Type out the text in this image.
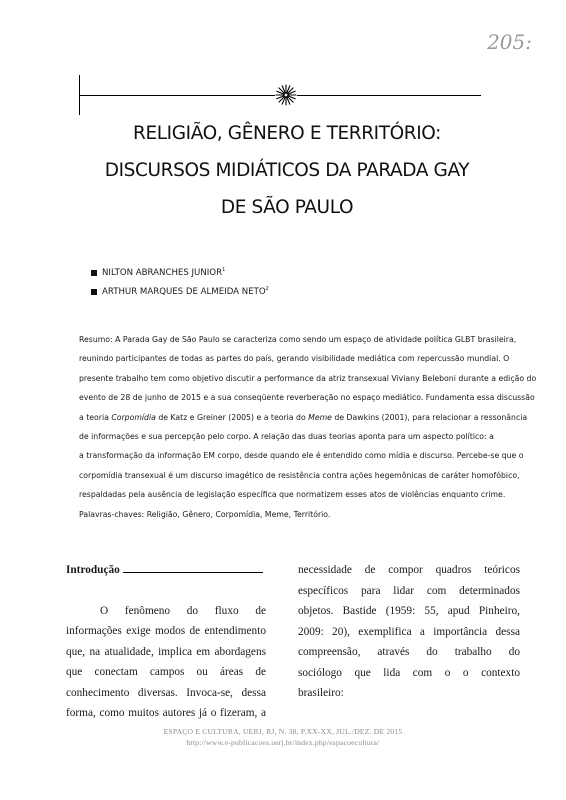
205:
RELIGIÃO, GÊNERO E TERRITÓRIO:
DISCURSOS MIDIÁTICOS DA PARADA GAY
DE SÃO PAULO
NILTON ABRANCHES JUNIOR$^1$
ARTHUR MARQUES DE ALMEIDA NETO$^2$
Resumo: A Parada Gay de São Paulo se caracteriza como sendo um espaço de atividade política GLBT brasileira,
reunindo participantes de todas as partes do país, gerando visibilidade mediática com repercussão mundial. O
presente trabalho tem como objetivo discutir a performance da atriz transexual Viviany Beleboni durante a edição do
evento de 28 de junho de 2015 e a sua conseqüente reverberação no espaço mediático. Fundamenta essa discussão
a teoria Corpomídia de Katz e Greiner (2005) e a teoria do Meme de Dawkins (2001), para relacionar a ressonância
de informações e sua percepção pelo corpo. A relação das duas teorias aponta para um aspecto político: a
a transformação da informação EM corpo, desde quando ele é entendido como mídia e discurso. Percebe-se que o
corpomídia transexual é um discurso imagético de resistência contra ações hegemônicas de caráter homofóbico,
respaldadas pela ausência de legislação específica que normatizem esses atos de violências enquanto crime.
Palavras-chaves: Religião, Gênero, Corpomídia, Meme, Território.
Introdução
O fenômeno do fluxo de
informações exige modos de entendimento
que, na atualidade, implica em abordagens
que conectam campos ou áreas de
conhecimento diversas. Invoca-se, dessa
forma, como muitos autores já o fizeram, a
necessidade de compor quadros teóricos
específicos para lidar com determinados
objetos. Bastide (1959: 55, apud Pinheiro,
2009: 20), exemplifica a importância dessa
compreensão, através do trabalho do
sociólogo que lida com o o contexto
brasileiro:
ESPAÇO E CULTURA, UERJ, RJ, N. 38, P.XX-XX, JUL./DEZ. DE 2015
http://www.e-publicacoes.uerj.br/index.php/espacoecultura/
